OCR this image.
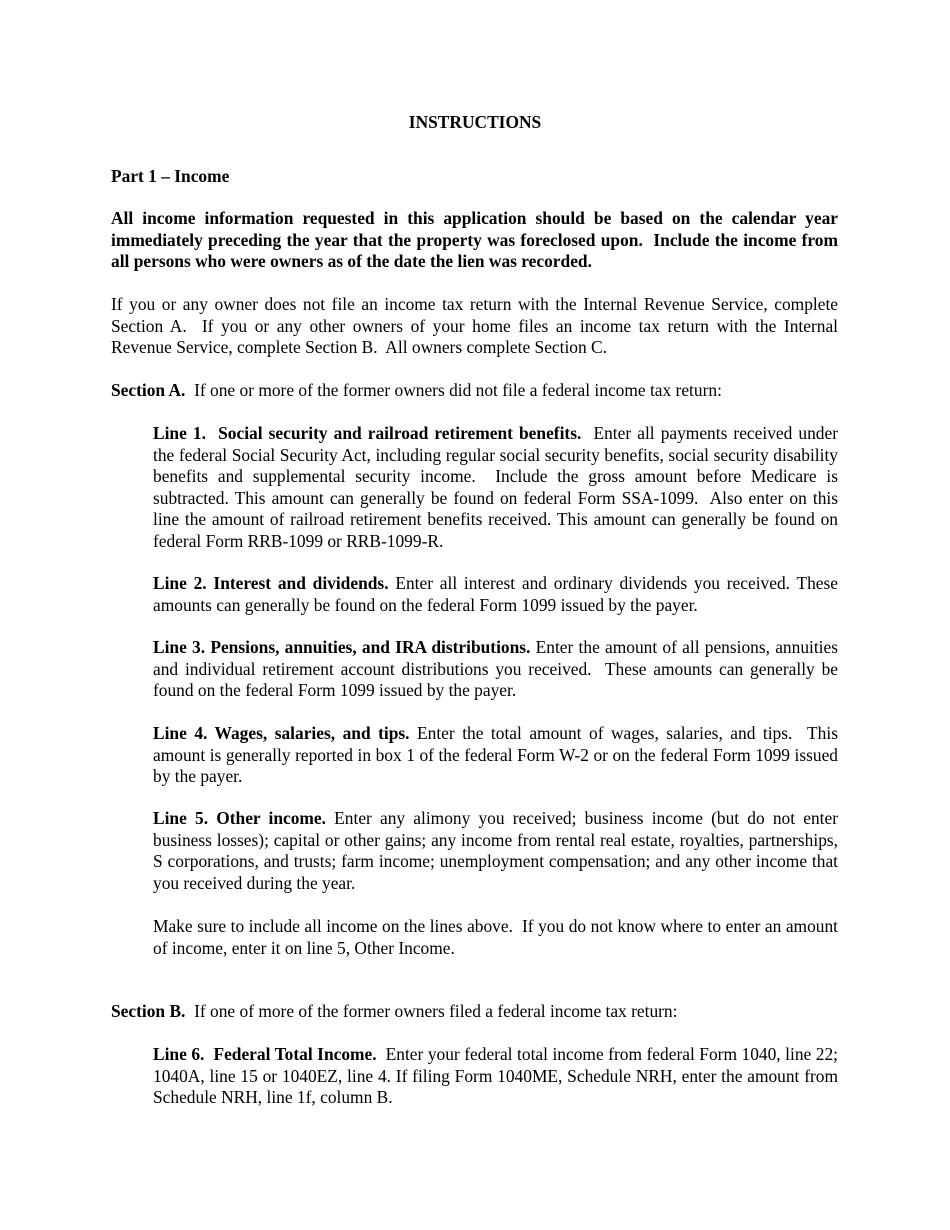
INSTRUCTIONS

Part 1 – Income

All income information requested in this application should be based on the calendar year immediately preceding the year that the property was foreclosed upon.  Include the income from all persons who were owners as of the date the lien was recorded.

If you or any owner does not file an income tax return with the Internal Revenue Service, complete Section A.  If you or any other owners of your home files an income tax return with the Internal Revenue Service, complete Section B.  All owners complete Section C.

Section A. If one or more of the former owners did not file a federal income tax return:

Line 1.  Social security and railroad retirement benefits. Enter all payments received under the federal Social Security Act, including regular social security benefits, social security disability benefits and supplemental security income.  Include the gross amount before Medicare is subtracted. This amount can generally be found on federal Form SSA-1099.  Also enter on this line the amount of railroad retirement benefits received. This amount can generally be found on federal Form RRB-1099 or RRB-1099-R.

Line 2. Interest and dividends. Enter all interest and ordinary dividends you received. These amounts can generally be found on the federal Form 1099 issued by the payer.

Line 3. Pensions, annuities, and IRA distributions. Enter the amount of all pensions, annuities and individual retirement account distributions you received.  These amounts can generally be found on the federal Form 1099 issued by the payer.

Line 4. Wages, salaries, and tips. Enter the total amount of wages, salaries, and tips.  This amount is generally reported in box 1 of the federal Form W-2 or on the federal Form 1099 issued by the payer.

Line 5. Other income. Enter any alimony you received; business income (but do not enter business losses); capital or other gains; any income from rental real estate, royalties, partnerships, S corporations, and trusts; farm income; unemployment compensation; and any other income that you received during the year.

Make sure to include all income on the lines above.  If you do not know where to enter an amount of income, enter it on line 5, Other Income.

Section B. If one of more of the former owners filed a federal income tax return:

Line 6.  Federal Total Income. Enter your federal total income from federal Form 1040, line 22; 1040A, line 15 or 1040EZ, line 4. If filing Form 1040ME, Schedule NRH, enter the amount from Schedule NRH, line 1f, column B.
